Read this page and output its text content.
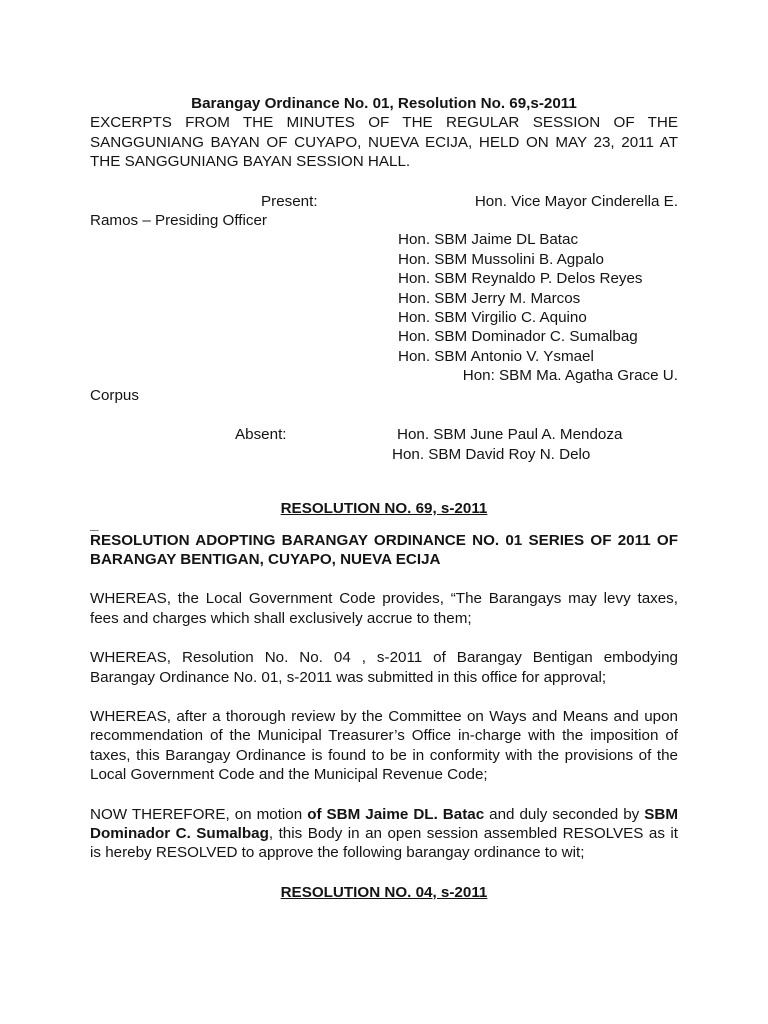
Barangay Ordinance No. 01, Resolution No. 69,s-2011

EXCERPTS FROM THE MINUTES OF THE REGULAR SESSION OF THE SANGGUNIANG BAYAN OF CUYAPO, NUEVA ECIJA, HELD ON MAY 23, 2011 AT THE SANGGUNIANG BAYAN SESSION HALL.

Present:	Hon. Vice Mayor Cinderella E.

Ramos – Presiding Officer

Hon. SBM Jaime DL Batac
Hon. SBM Mussolini B. Agpalo
Hon. SBM Reynaldo P. Delos Reyes
Hon. SBM Jerry M. Marcos
Hon. SBM Virgilio C. Aquino
Hon. SBM Dominador C. Sumalbag
Hon. SBM Antonio V. Ysmael

Hon: SBM Ma. Agatha Grace U.

Corpus

Absent:	Hon. SBM June Paul A. Mendoza

Hon. SBM David Roy N. Delo

RESOLUTION NO. 69, s-2011

_

RESOLUTION ADOPTING BARANGAY ORDINANCE NO. 01 SERIES OF 2011 OF BARANGAY BENTIGAN, CUYAPO, NUEVA ECIJA

WHEREAS, the Local Government Code provides, “The Barangays may levy taxes, fees and charges which shall exclusively accrue to them;

WHEREAS, Resolution No. No. 04 , s-2011 of Barangay Bentigan embodying Barangay Ordinance No. 01, s-2011 was submitted in this office for approval;

WHEREAS, after a thorough review by the Committee on Ways and Means and upon recommendation of the Municipal Treasurer’s Office in-charge with the imposition of taxes, this Barangay Ordinance is found to be in conformity with the provisions of the Local Government Code and the Municipal Revenue Code;

NOW THEREFORE, on motion of SBM Jaime DL. Batac and duly seconded by SBM Dominador C. Sumalbag, this Body in an open session assembled RESOLVES as it is hereby RESOLVED to approve the following barangay ordinance to wit;

RESOLUTION NO. 04, s-2011
